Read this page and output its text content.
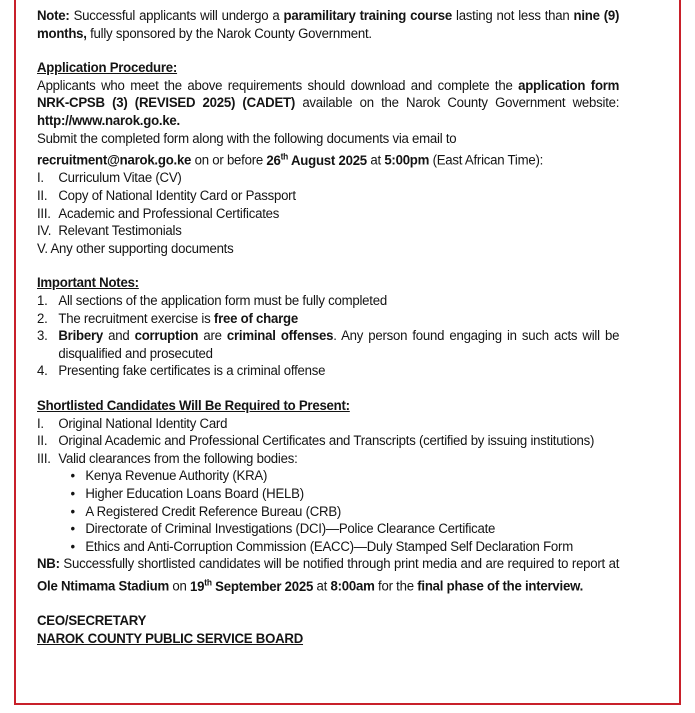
Note: Successful applicants will undergo a paramilitary training course lasting not less than nine (9) months, fully sponsored by the Narok County Government.

Application Procedure:

Applicants who meet the above requirements should download and complete the application form NRK-CPSB (3) (REVISED 2025) (CADET) available on the Narok County Government website: http://www.narok.go.ke.

Submit the completed form along with the following documents via email to

recruitment@narok.go.ke on or before 26th August 2025 at 5:00pm (East African Time):

I.	Curriculum Vitae (CV)
II. Copy of National Identity Card or Passport
III. Academic and Professional Certificates
IV. Relevant Testimonials
V. Any other supporting documents

Important Notes:

1. All sections of the application form must be fully completed
2. The recruitment exercise is free of charge
3. Bribery and corruption are criminal offenses. Any person found engaging in such acts will be disqualified and prosecuted
4. Presenting fake certificates is a criminal offense

Shortlisted Candidates Will Be Required to Present:

I.	Original National Identity Card
II. Original Academic and Professional Certificates and Transcripts (certified by issuing institutions)
III. Valid clearances from the following bodies:
•
Kenya Revenue Authority (KRA)
•
Higher Education Loans Board (HELB)
•
A Registered Credit Reference Bureau (CRB)
•
Directorate of Criminal Investigations (DCI)—Police Clearance Certificate
•
Ethics and Anti-Corruption Commission (EACC)—Duly Stamped Self Declaration Form

NB: Successfully shortlisted candidates will be notified through print media and are required to report at Ole Ntimama Stadium on 19th September 2025 at 8:00am for the final phase of the interview.

CEO/SECRETARY

NAROK COUNTY PUBLIC SERVICE BOARD
